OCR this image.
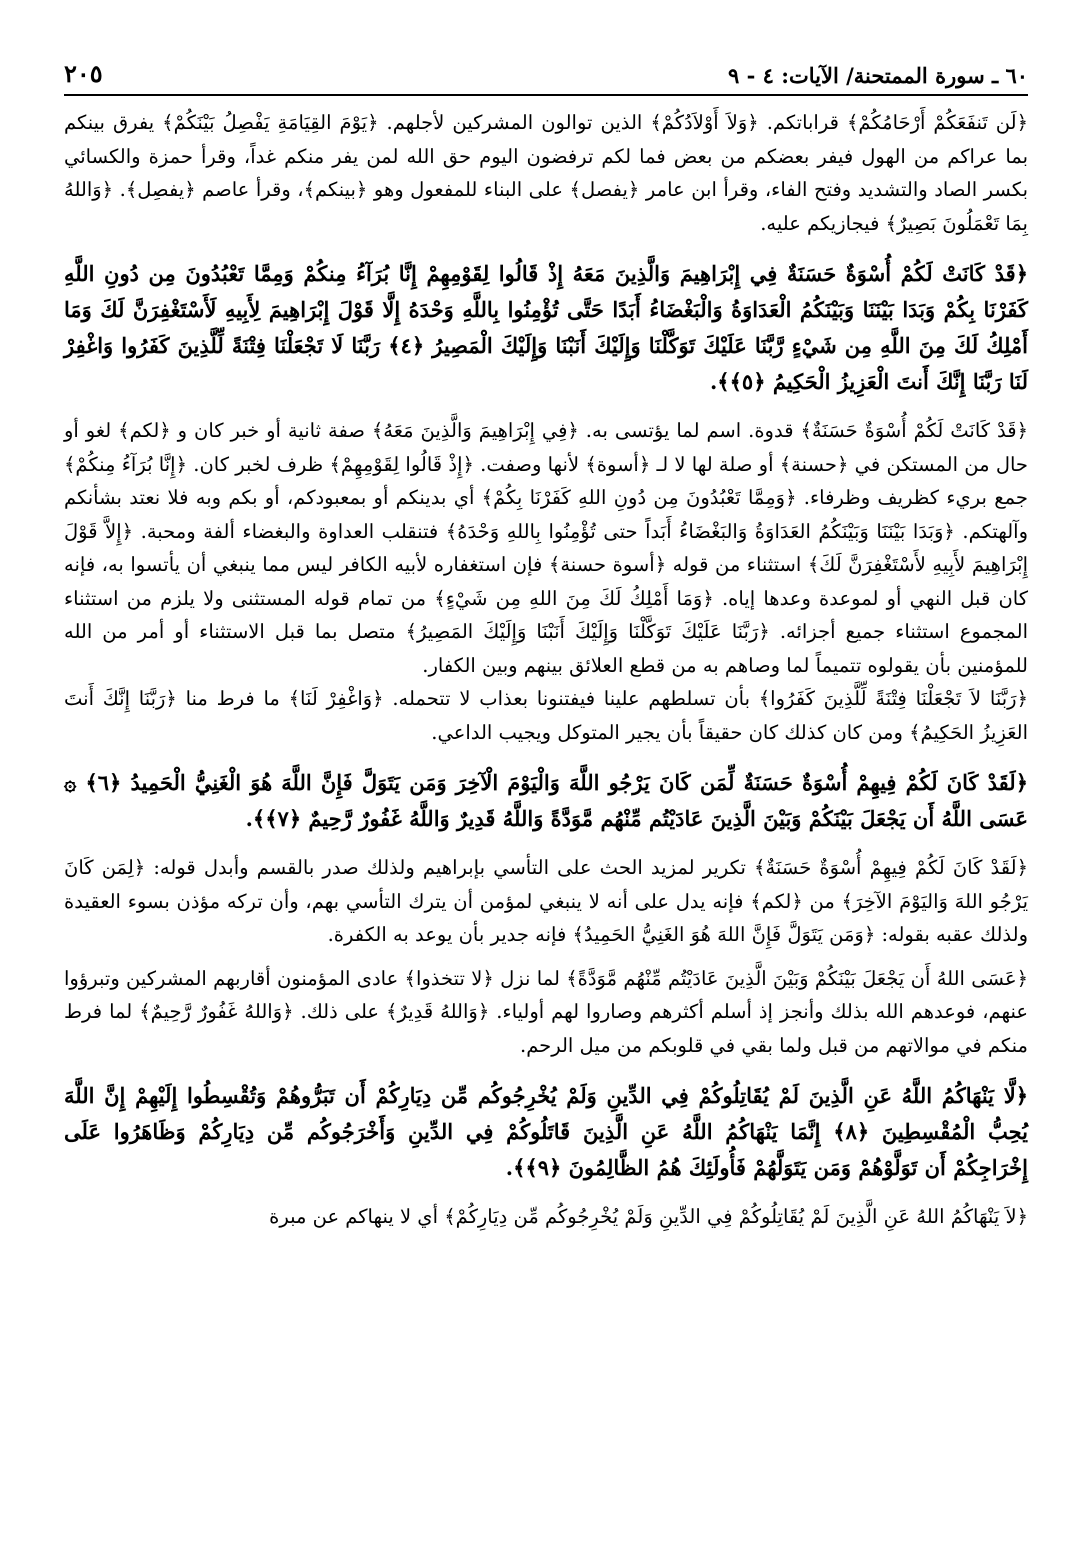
٦٠ ـ سورة الممتحنة/ الآيات: ٤ - ٩
٢٠٥

﴿لَن تَنفَعَكُمْ أَرْحَامُكُمْ﴾ قراباتكم. ﴿وَلاَ أَوْلاَدُكُمْ﴾ الذين توالون المشركين لأجلهم. ﴿يَوْمَ القِيَامَةِ يَفْصِلُ بَيْنَكُمْ﴾ يفرق بينكم بما عراكم من الهول فيفر بعضكم من بعض فما لكم ترفضون اليوم حق الله لمن يفر منكم غداً، وقرأ حمزة والكسائي بكسر الصاد والتشديد وفتح الفاء، وقرأ ابن عامر ﴿يفصل﴾ على البناء للمفعول وهو ﴿بينكم﴾، وقرأ عاصم ﴿يفصِل﴾. ﴿وَاللهُ بِمَا تَعْمَلُونَ بَصِيرٌ﴾ فيجازيكم عليه.

﴿قَدْ كَانَتْ لَكُمْ أُسْوَةٌ حَسَنَةٌ فِي إِبْرَاهِيمَ وَالَّذِينَ مَعَهُ إِذْ قَالُوا لِقَوْمِهِمْ إِنَّا بُرَآءُ مِنكُمْ وَمِمَّا تَعْبُدُونَ مِن دُونِ اللَّهِ كَفَرْنَا بِكُمْ وَبَدَا بَيْنَنَا وَبَيْنَكُمُ الْعَدَاوَةُ وَالْبَغْضَاءُ أَبَدًا حَتَّى تُؤْمِنُوا بِاللَّهِ وَحْدَهُ إِلَّا قَوْلَ إِبْرَاهِيمَ لِأَبِيهِ لَأَسْتَغْفِرَنَّ لَكَ وَمَا أَمْلِكُ لَكَ مِنَ اللَّهِ مِن شَيْءٍ رَّبَّنَا عَلَيْكَ تَوَكَّلْنَا وَإِلَيْكَ أَنَبْنَا وَإِلَيْكَ الْمَصِيرُ ﴿٤﴾ رَبَّنَا لَا تَجْعَلْنَا فِتْنَةً لِّلَّذِينَ كَفَرُوا وَاغْفِرْ لَنَا رَبَّنَا إِنَّكَ أَنتَ الْعَزِيزُ الْحَكِيمُ ﴿٥﴾﴾.

﴿قَدْ كَانَتْ لَكُمْ أُسْوَةٌ حَسَنَةٌ﴾ قدوة. اسم لما يؤتسى به. ﴿فِي إِبْرَاهِيمَ وَالَّذِينَ مَعَهُ﴾ صفة ثانية أو خبر كان و ﴿لكم﴾ لغو أو حال من المستكن في ﴿حسنة﴾ أو صلة لها لا لـ ﴿أسوة﴾ لأنها وصفت. ﴿إِذْ قَالُوا لِقَوْمِهِمْ﴾ ظرف لخبر كان. ﴿إِنَّا بُرَآءُ مِنكُمْ﴾ جمع بريء كظريف وظرفاء. ﴿وَمِمَّا تَعْبُدُونَ مِن دُونِ اللهِ كَفَرْنَا بِكُمْ﴾ أي بدينكم أو بمعبودكم، أو بكم وبه فلا نعتد بشأنكم وآلهتكم. ﴿وَبَدَا بَيْنَنَا وَبَيْنَكُمُ العَدَاوَةُ وَالبَغْضَاءُ أَبَداً حتى تُؤْمِنُوا بِاللهِ وَحْدَهُ﴾ فتنقلب العداوة والبغضاء ألفة ومحبة. ﴿إِلاَّ قَوْلَ إِبْرَاهِيمَ لأَبِيهِ لأَسْتَغْفِرَنَّ لَكَ﴾ استثناء من قوله ﴿أسوة حسنة﴾ فإن استغفاره لأبيه الكافر ليس مما ينبغي أن يأتسوا به، فإنه كان قبل النهي أو لموعدة وعدها إياه. ﴿وَمَا أَمْلِكُ لَكَ مِنَ اللهِ مِن شَيْءٍ﴾ من تمام قوله المستثنى ولا يلزم من استثناء المجموع استثناء جميع أجزائه. ﴿رَبَّنَا عَلَيْكَ تَوَكَّلْنَا وَإِلَيْكَ أَنَبْنَا وَإِلَيْكَ المَصِيرُ﴾ متصل بما قبل الاستثناء أو أمر من الله للمؤمنين بأن يقولوه تتميماً لما وصاهم به من قطع العلائق بينهم وبين الكفار.

﴿رَبَّنَا لاَ تَجْعَلْنَا فِتْنَةً لِّلَّذِينَ كَفَرُوا﴾ بأن تسلطهم علينا فيفتنونا بعذاب لا تتحمله. ﴿وَاغْفِرْ لَنَا﴾ ما فرط منا ﴿رَبَّنَا إِنَّكَ أَنتَ العَزِيزُ الحَكِيمُ﴾ ومن كان كذلك كان حقيقاً بأن يجير المتوكل ويجيب الداعي.

﴿لَقَدْ كَانَ لَكُمْ فِيهِمْ أُسْوَةٌ حَسَنَةٌ لِّمَن كَانَ يَرْجُو اللَّهَ وَالْيَوْمَ الْآخِرَ وَمَن يَتَوَلَّ فَإِنَّ اللَّهَ هُوَ الْغَنِيُّ الْحَمِيدُ ﴿٦﴾ ۞ عَسَى اللَّهُ أَن يَجْعَلَ بَيْنَكُمْ وَبَيْنَ الَّذِينَ عَادَيْتُم مِّنْهُم مَّوَدَّةً وَاللَّهُ قَدِيرٌ وَاللَّهُ غَفُورٌ رَّحِيمٌ ﴿٧﴾﴾.

﴿لَقَدْ كَانَ لَكُمْ فِيهِمْ أُسْوَةٌ حَسَنَةٌ﴾ تكرير لمزيد الحث على التأسي بإبراهيم ولذلك صدر بالقسم وأبدل قوله: ﴿لِمَن كَانَ يَرْجُو اللهَ وَاليَوْمَ الآخِرَ﴾ من ﴿لكم﴾ فإنه يدل على أنه لا ينبغي لمؤمن أن يترك التأسي بهم، وأن تركه مؤذن بسوء العقيدة ولذلك عقبه بقوله: ﴿وَمَن يَتَوَلَّ فَإِنَّ اللهَ هُوَ الغَنِيُّ الحَمِيدُ﴾ فإنه جدير بأن يوعد به الكفرة.

﴿عَسَى اللهُ أَن يَجْعَلَ بَيْنَكُمْ وَبَيْنَ الَّذِينَ عَادَيْتُم مِّنْهُم مَّوَدَّةً﴾ لما نزل ﴿لا تتخذوا﴾ عادى المؤمنون أقاربهم المشركين وتبرؤوا عنهم، فوعدهم الله بذلك وأنجز إذ أسلم أكثرهم وصاروا لهم أولياء. ﴿وَاللهُ قَدِيرٌ﴾ على ذلك. ﴿وَاللهُ غَفُورٌ رَّحِيمٌ﴾ لما فرط منكم في موالاتهم من قبل ولما بقي في قلوبكم من ميل الرحم.

﴿لَّا يَنْهَاكُمُ اللَّهُ عَنِ الَّذِينَ لَمْ يُقَاتِلُوكُمْ فِي الدِّينِ وَلَمْ يُخْرِجُوكُم مِّن دِيَارِكُمْ أَن تَبَرُّوهُمْ وَتُقْسِطُوا إِلَيْهِمْ إِنَّ اللَّهَ يُحِبُّ الْمُقْسِطِينَ ﴿٨﴾ إِنَّمَا يَنْهَاكُمُ اللَّهُ عَنِ الَّذِينَ قَاتَلُوكُمْ فِي الدِّينِ وَأَخْرَجُوكُم مِّن دِيَارِكُمْ وَظَاهَرُوا عَلَى إِخْرَاجِكُمْ أَن تَوَلَّوْهُمْ وَمَن يَتَوَلَّهُمْ فَأُولَئِكَ هُمُ الظَّالِمُونَ ﴿٩﴾﴾.

﴿لاَ يَنْهَاكُمُ اللهُ عَنِ الَّذِينَ لَمْ يُقَاتِلُوكُمْ فِي الدِّينِ وَلَمْ يُخْرِجُوكُم مِّن دِيَارِكُمْ﴾ أي لا ينهاكم عن مبرة
